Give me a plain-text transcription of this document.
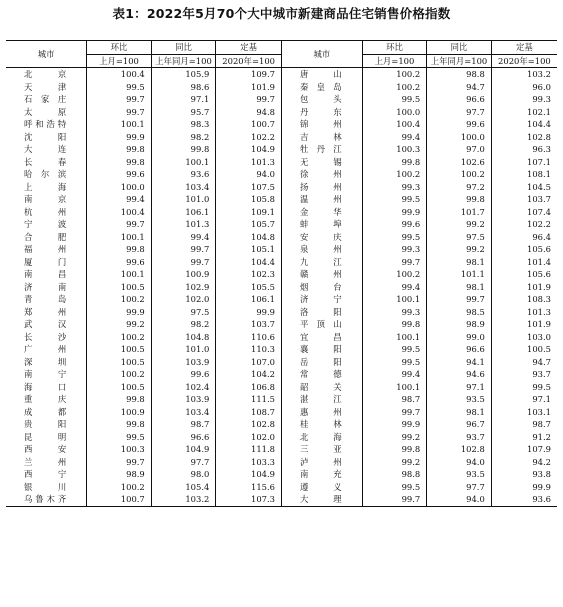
表1：2022年5月70个大中城市新建商品住宅销售价格指数
城市	环比	同比	定基	城市	环比	同比	定基
	上月=100	上年同月=100	2020年=100		上月=100	上年同月=100	2020年=100
北　　京	100.4	105.9	109.7	唐　　山	100.2	98.8	103.2
天　　津	99.5	98.6	101.9	秦 皇 岛	100.2	94.7	96.0
石 家 庄	99.7	97.1	99.7	包　　头	99.5	96.6	99.3
太　　原	99.7	95.7	94.8	丹　　东	100.0	97.7	102.1
呼和浩特	100.1	98.3	100.7	锦　　州	100.4	99.6	104.4
沈　　阳	99.9	98.2	102.2	吉　　林	99.4	100.0	102.8
大　　连	99.8	99.8	104.9	牡 丹 江	100.3	97.0	96.3
长　　春	99.8	100.1	101.3	无　　锡	99.8	102.6	107.1
哈 尔 滨	99.6	93.6	94.0	徐　　州	100.2	100.2	108.1
上　　海	100.0	103.4	107.5	扬　　州	99.3	97.2	104.5
南　　京	99.4	101.0	105.8	温　　州	99.5	99.8	103.7
杭　　州	100.4	106.1	109.1	金　　华	99.9	101.7	107.4
宁　　波	99.7	101.3	105.7	蚌　　埠	99.6	99.2	102.2
合　　肥	100.1	99.4	104.8	安　　庆	99.5	97.5	96.4
福　　州	99.8	99.7	105.1	泉　　州	99.3	99.2	105.6
厦　　门	99.6	99.7	104.4	九　　江	99.7	98.1	101.4
南　　昌	100.1	100.9	102.3	赣　　州	100.2	101.1	105.6
济　　南	100.5	102.9	105.5	烟　　台	99.4	98.1	101.9
青　　岛	100.2	102.0	106.1	济　　宁	100.1	99.7	108.3
郑　　州	99.9	97.5	99.9	洛　　阳	99.3	98.5	101.3
武　　汉	99.2	98.2	103.7	平 顶 山	99.8	98.9	101.9
长　　沙	100.2	104.8	110.6	宜　　昌	100.1	99.0	103.0
广　　州	100.5	101.0	110.3	襄　　阳	99.5	96.6	100.5
深　　圳	100.5	103.9	107.0	岳　　阳	99.5	94.1	94.7
南　　宁	100.2	99.6	104.2	常　　德	99.4	94.6	93.7
海　　口	100.5	102.4	106.8	韶　　关	100.1	97.1	99.5
重　　庆	99.8	103.9	111.5	湛　　江	98.7	93.5	97.1
成　　都	100.9	103.4	108.7	惠　　州	99.7	98.1	103.1
贵　　阳	99.8	98.7	102.8	桂　　林	99.9	96.7	98.7
昆　　明	99.5	96.6	102.0	北　　海	99.2	93.7	91.2
西　　安	100.3	104.9	111.8	三　　亚	99.8	102.8	107.9
兰　　州	99.7	97.7	103.3	泸　　州	99.2	94.0	94.2
西　　宁	98.9	98.0	104.9	南　　充	98.8	93.5	93.8
银　　川	100.2	105.4	115.6	遵　　义	99.5	97.7	99.9
乌鲁木齐	100.7	103.2	107.3	大　　理	99.7	94.0	93.6
